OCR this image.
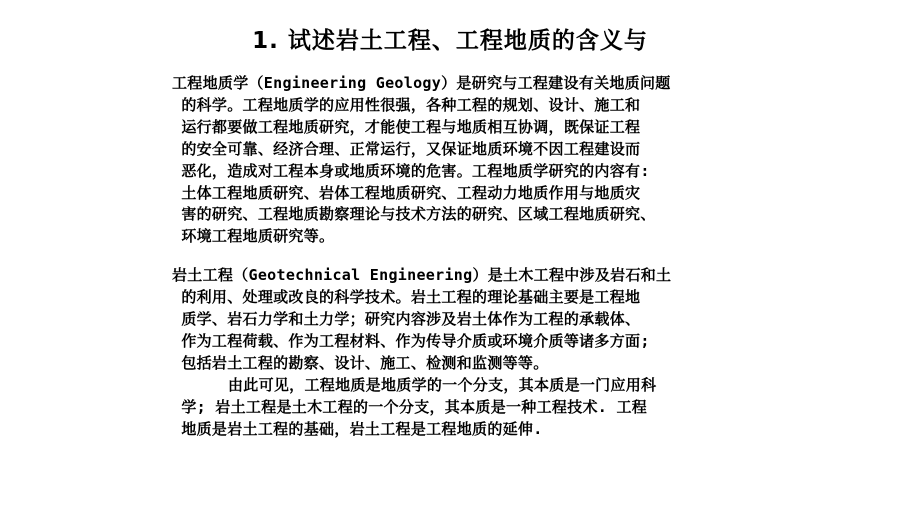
1. 试述岩土工程、工程地质的含义与
工程地质学（Engineering Geology）是研究与工程建设有关地质问题
的科学。工程地质学的应用性很强，各种工程的规划、设计、施工和
运行都要做工程地质研究，才能使工程与地质相互协调，既保证工程
的安全可靠、经济合理、正常运行，又保证地质环境不因工程建设而
恶化，造成对工程本身或地质环境的危害。工程地质学研究的内容有:
土体工程地质研究、岩体工程地质研究、工程动力地质作用与地质灾
害的研究、工程地质勘察理论与技术方法的研究、区域工程地质研究、
环境工程地质研究等。
岩土工程（Geotechnical Engineering）是土木工程中涉及岩石和土
的利用、处理或改良的科学技术。岩土工程的理论基础主要是工程地
质学、岩石力学和土力学；研究内容涉及岩土体作为工程的承载体、
作为工程荷载、作为工程材料、作为传导介质或环境介质等诸多方面;
包括岩土工程的勘察、设计、施工、检测和监测等等。
由此可见，工程地质是地质学的一个分支，其本质是一门应用科
学; 岩土工程是土木工程的一个分支，其本质是一种工程技术. 工程
地质是岩土工程的基础，岩土工程是工程地质的延伸.
